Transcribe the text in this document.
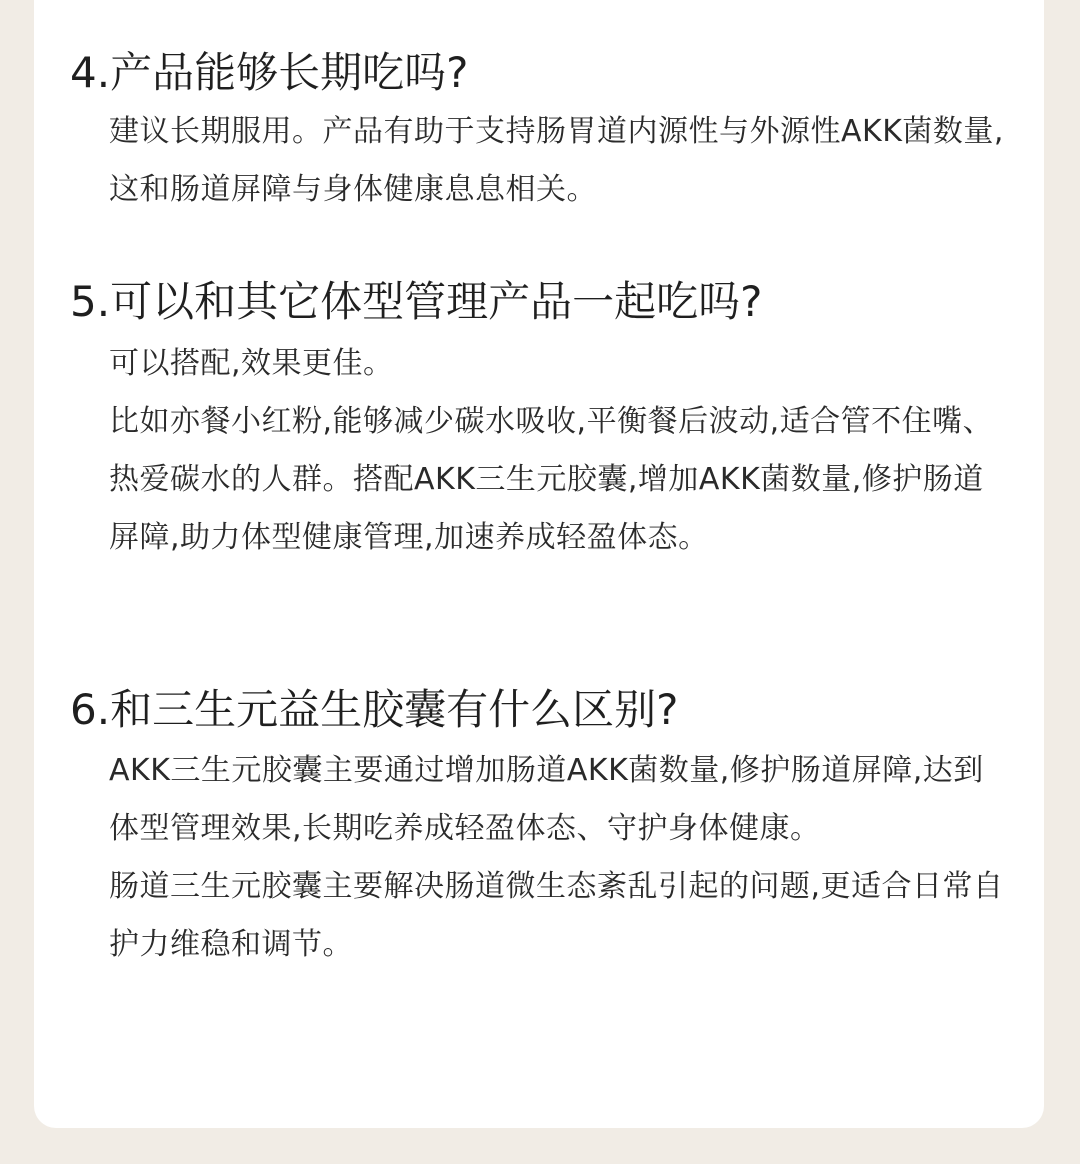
4.产品能够长期吃吗?

建议长期服用。产品有助于支持肠胃道内源性与外源性AKK菌数量,这和肠道屏障与身体健康息息相关。

5.可以和其它体型管理产品一起吃吗?

可以搭配,效果更佳。

比如亦餐小红粉,能够减少碳水吸收,平衡餐后波动,适合管不住嘴、热爱碳水的人群。搭配AKK三生元胶囊,增加AKK菌数量,修护肠道屏障,助力体型健康管理,加速养成轻盈体态。

6.和三生元益生胶囊有什么区别?

AKK三生元胶囊主要通过增加肠道AKK菌数量,修护肠道屏障,达到体型管理效果,长期吃养成轻盈体态、守护身体健康。

肠道三生元胶囊主要解决肠道微生态紊乱引起的问题,更适合日常自护力维稳和调节。
